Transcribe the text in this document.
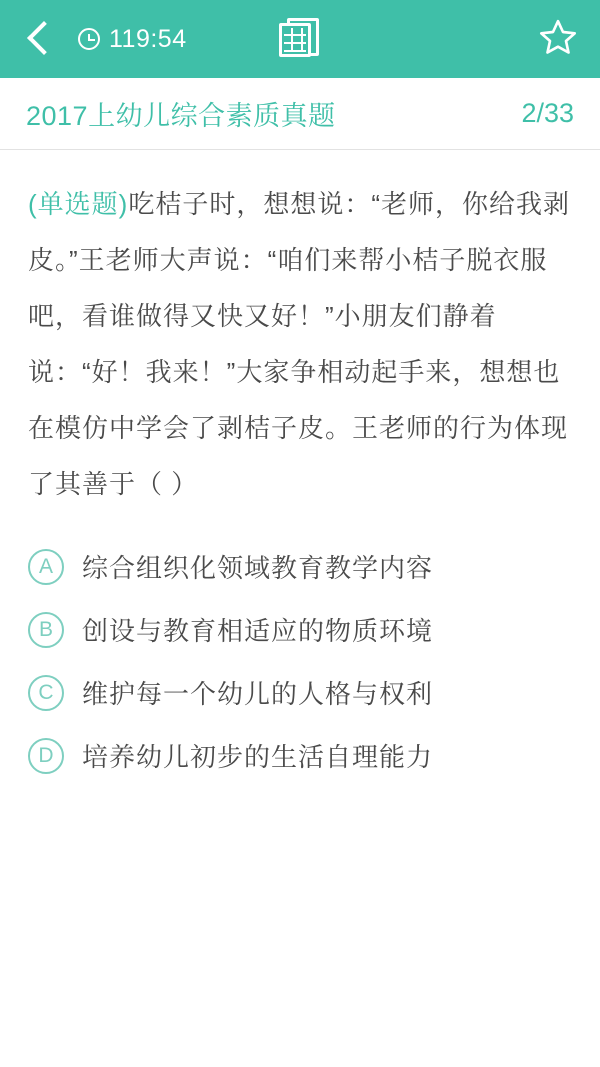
119:54
2017上幼儿综合素质真题	2/33
(单选题)吃桔子时，想想说：“老师，你给我剥皮。”王老师大声说：“咱们来帮小桔子脱衣服吧，看谁做得又快又好！”小朋友们静着说：“好！我来！”大家争相动起手来，想想也在模仿中学会了剥桔子皮。王老师的行为体现了其善于（ ）
A	综合组织化领域教育教学内容
B	创设与教育相适应的物质环境
C	维护每一个幼儿的人格与权利
D	培养幼儿初步的生活自理能力
